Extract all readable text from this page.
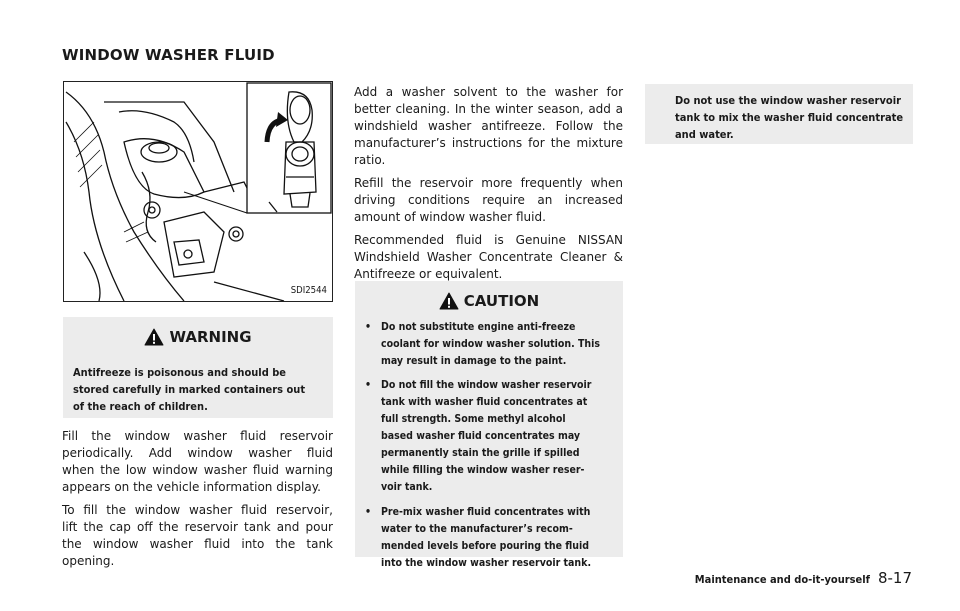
WINDOW WASHER FLUID
SDI2544
WARNING
Antifreeze is poisonous and should be
stored carefully in marked containers out
of the reach of children.
Fill the window washer fluid reservoir
periodically. Add window washer fluid
when the low window washer fluid warning
appears on the vehicle information display.
To fill the window washer fluid reservoir,
lift the cap off the reservoir tank and pour
the window washer fluid into the tank
opening.
Add a washer solvent to the washer for
better cleaning. In the winter season, add a
windshield washer antifreeze. Follow the
manufacturer’s instructions for the mixture
ratio.
Refill the reservoir more frequently when
driving conditions require an increased
amount of window washer fluid.
Recommended fluid is Genuine NISSAN
Windshield Washer Concentrate Cleaner &
Antifreeze or equivalent.
CAUTION
• Do not substitute engine anti-freeze
coolant for window washer solution. This
may result in damage to the paint.
• Do not fill the window washer reservoir
tank with washer fluid concentrates at
full strength. Some methyl alcohol
based washer fluid concentrates may
permanently stain the grille if spilled
while filling the window washer reser-
voir tank.
• Pre-mix washer fluid concentrates with
water to the manufacturer’s recom-
mended levels before pouring the fluid
into the window washer reservoir tank.
Do not use the window washer reservoir
tank to mix the washer fluid concentrate
and water.
Maintenance and do-it-yourself 8-17
